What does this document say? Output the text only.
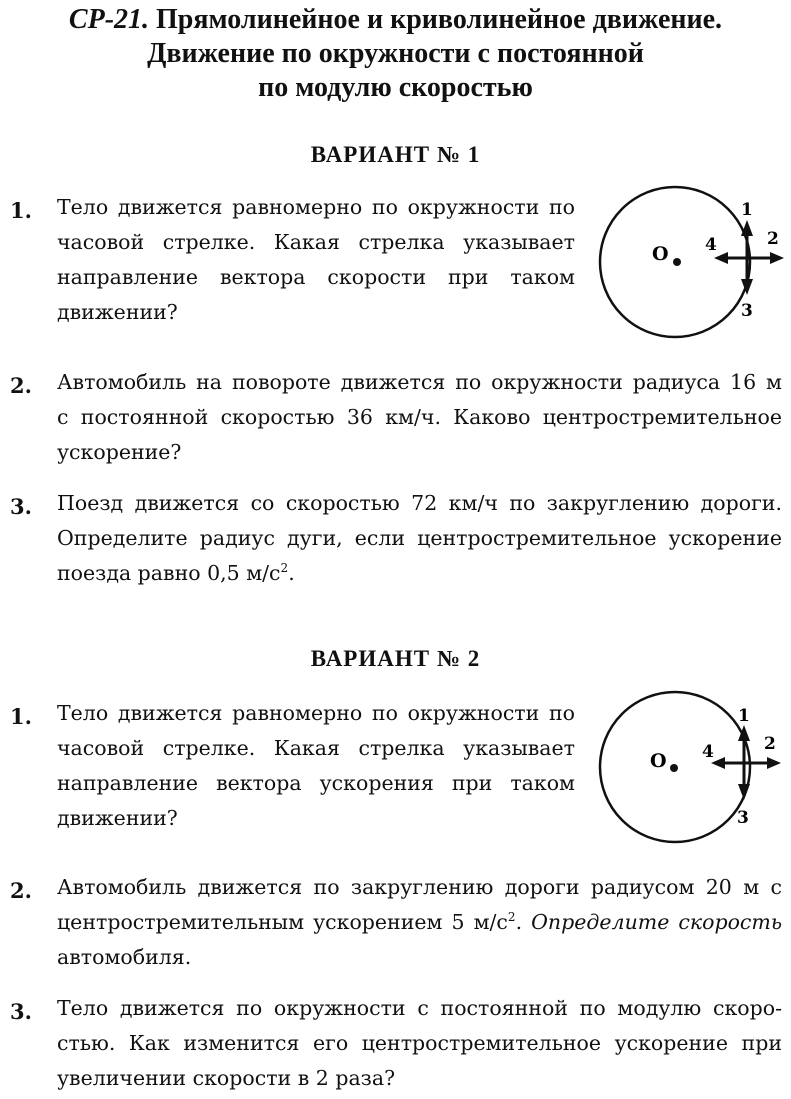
СР-21. Прямолинейное и криволинейное движение.
Движение по окружности с постоянной
по модулю скоростью
ВАРИАНТ № 1
1. Тело движется равномерно по окружности по
часовой стрелке. Какая стрелка указывает
направление вектора скорости при таком
движении?
O
1
2
3
4
2. Автомобиль на повороте движется по окружности радиуса 16 м
с постоянной скоростью 36 км/ч. Каково центростремительное
ускорение?
3. Поезд движется со скоростью 72 км/ч по закруглению дороги.
Определите радиус дуги, если центростремительное ускорение
поезда равно 0,5 $м/с^2$.
ВАРИАНТ № 2
1. Тело движется равномерно по окружности по
часовой стрелке. Какая стрелка указывает
направление вектора ускорения при таком
движении?
O
1
2
3
4
2. Автомобиль движется по закруглению дороги радиусом 20 м с
центростремительным ускорением 5 $м/с^2$. Определите скорость
автомобиля.
3. Тело движется по окружности с постоянной по модулю скоро-
стью. Как изменится его центростремительное ускорение при
увеличении скорости в 2 раза?
